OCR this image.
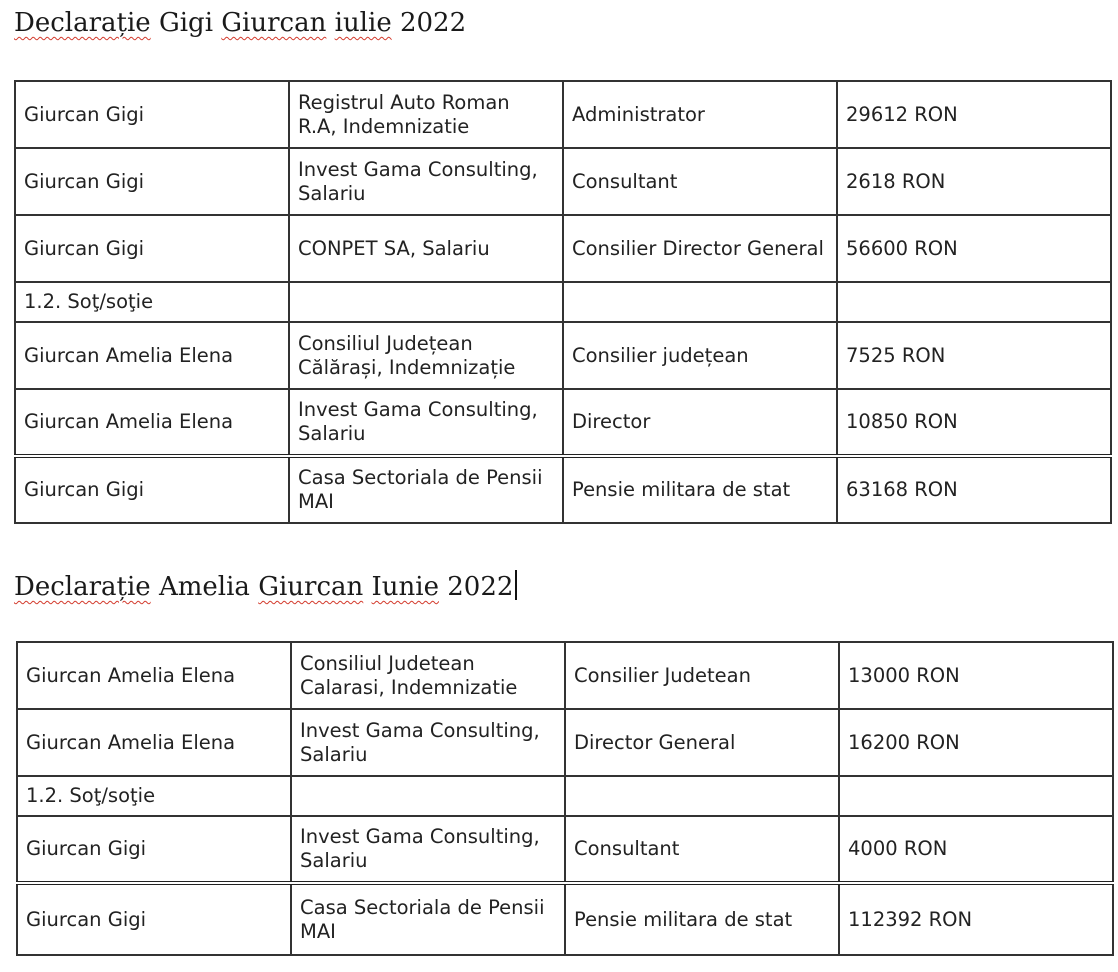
Declarație Gigi Giurcan iulie 2022
Giurcan Gigi	Registrul Auto Roman R.A, Indemnizatie	Administrator	29612 RON
Giurcan Gigi	Invest Gama Consulting, Salariu	Consultant	2618 RON
Giurcan Gigi	CONPET SA, Salariu	Consilier Director General	56600 RON
1.2. Soţ/soţie			
Giurcan Amelia Elena	Consiliul Județean Călărași, Indemnizație	Consilier județean	7525 RON
Giurcan Amelia Elena	Invest Gama Consulting, Salariu	Director	10850 RON
Giurcan Gigi	Casa Sectoriala de Pensii MAI	Pensie militara de stat	63168 RON
Declarație Amelia Giurcan Iunie 2022
Giurcan Amelia Elena	Consiliul Judetean Calarasi, Indemnizatie	Consilier Judetean	13000 RON
Giurcan Amelia Elena	Invest Gama Consulting, Salariu	Director General	16200 RON
1.2. Soţ/soţie			
Giurcan Gigi	Invest Gama Consulting, Salariu	Consultant	4000 RON
Giurcan Gigi	Casa Sectoriala de Pensii MAI	Pensie militara de stat	112392 RON
